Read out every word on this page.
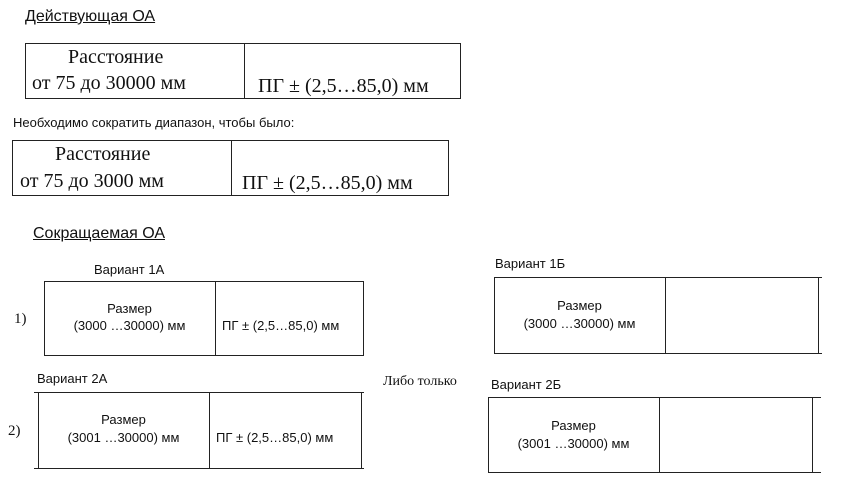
Действующая ОА
Расстояние
от 75 до 30000 мм	ПГ ± (2,5…85,0) мм
Необходимо сократить диапазон, чтобы было:
Расстояние
от 75 до 3000 мм	ПГ ± (2,5…85,0) мм
Сокращаемая ОА
1)
2)
Вариант 1А
Размер
(3000 …30000) мм	ПГ ± (2,5…85,0) мм
Вариант 1Б
Размер
(3000 …30000) мм
Либо только
Вариант 2А
Размер
(3001 …30000) мм	ПГ ± (2,5…85,0) мм
Вариант 2Б
Размер
(3001 …30000) мм
